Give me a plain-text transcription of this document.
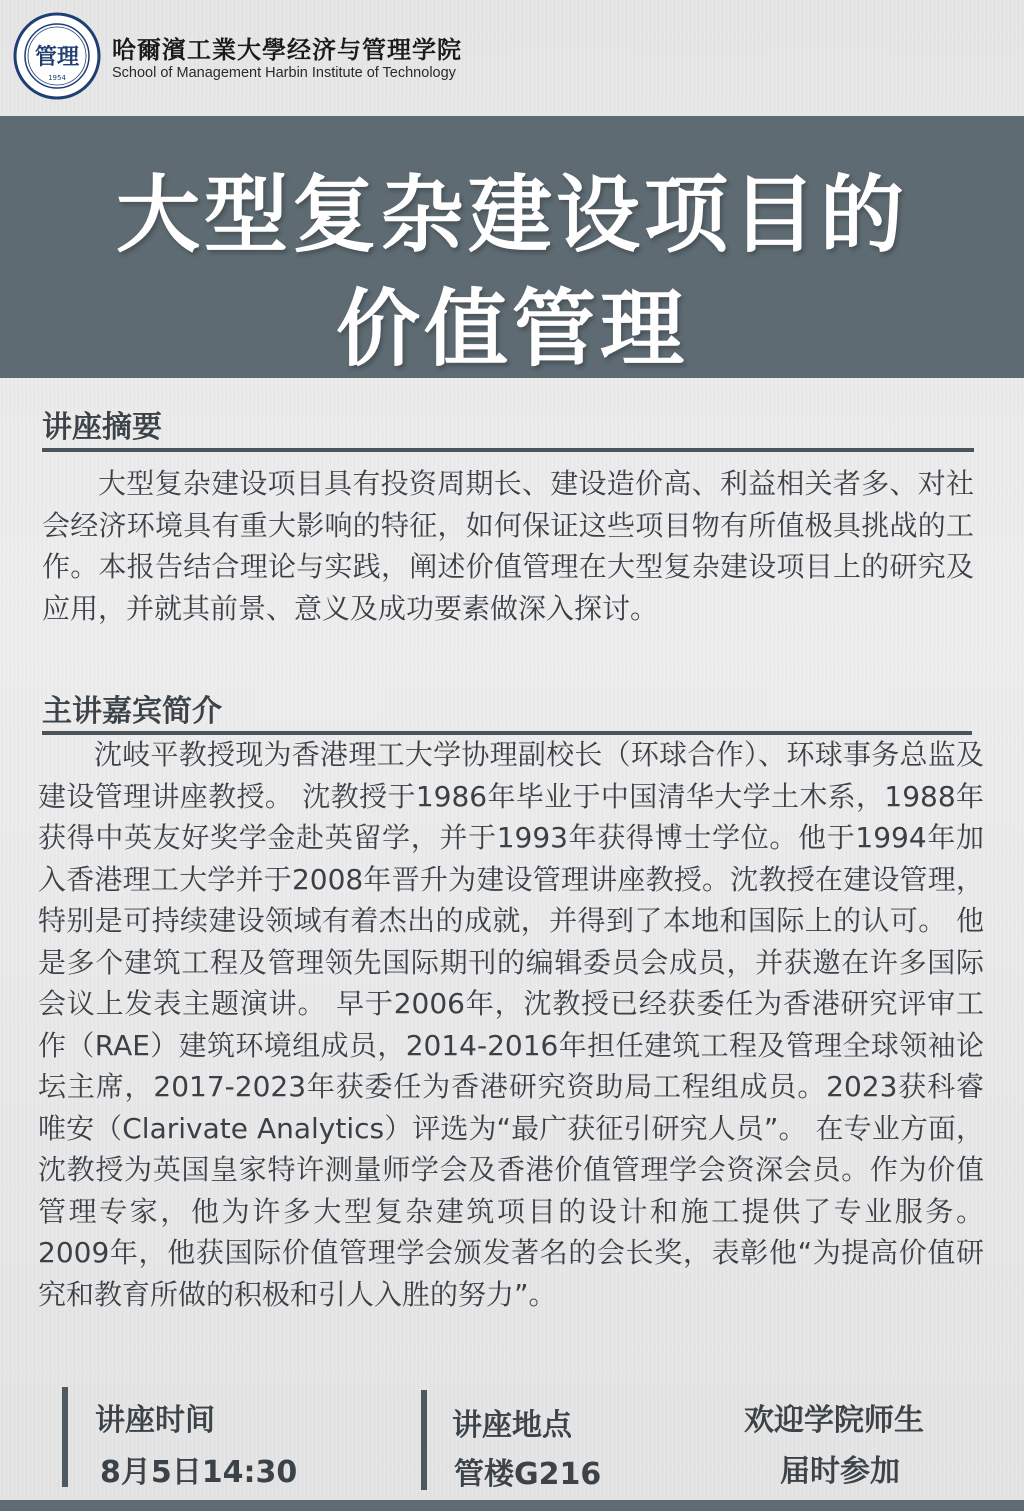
管理
1954
哈爾濱工業大學经济与管理学院
School of Management Harbin Institute of Technology
大型复杂建设项目的
价值管理
讲座摘要
大型复杂建设项目具有投资周期长、建设造价高、利益相关者多、对社会经济环境具有重大影响的特征，如何保证这些项目物有所值极具挑战的工作。本报告结合理论与实践，阐述价值管理在大型复杂建设项目上的研究及应用，并就其前景、意义及成功要素做深入探讨。
主讲嘉宾简介
沈岐平教授现为香港理工大学协理副校长（环球合作）、环球事务总监及建设管理讲座教授。 沈教授于1986年毕业于中国清华大学土木系，1988年获得中英友好奖学金赴英留学，并于1993年获得博士学位。他于1994年加入香港理工大学并于2008年晋升为建设管理讲座教授。沈教授在建设管理，特别是可持续建设领域有着杰出的成就，并得到了本地和国际上的认可。 他是多个建筑工程及管理领先国际期刊的编辑委员会成员，并获邀在许多国际会议上发表主题演讲。 早于2006年，沈教授已经获委任为香港研究评审工作（RAE）建筑环境组成员，2014-2016年担任建筑工程及管理全球领袖论坛主席，2017-2023年获委任为香港研究资助局工程组成员。2023获科睿唯安（Clarivate Analytics）评选为“最广获征引研究人员”。 在专业方面，沈教授为英国皇家特许测量师学会及香港价值管理学会资深会员。作为价值管理专家，他为许多大型复杂建筑项目的设计和施工提供了专业服务。 2009年，他获国际价值管理学会颁发著名的会长奖，表彰他“为提高价值研究和教育所做的积极和引人入胜的努力”。
讲座时间
8月5日14:30
讲座地点
管楼G216
欢迎学院师生
届时参加
